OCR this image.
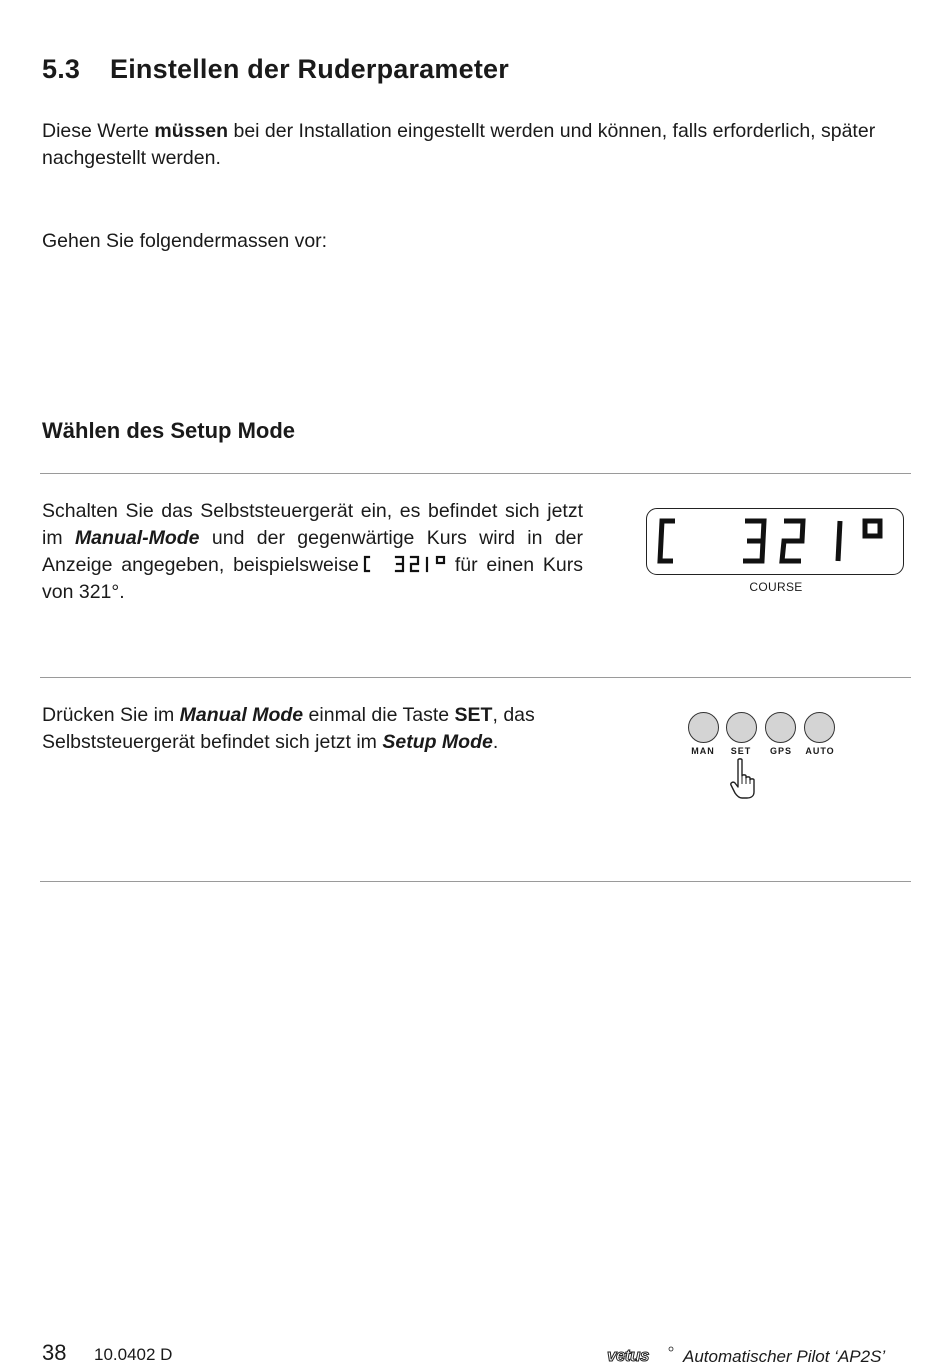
5.3 Einstellen der Ruderparameter

Diese Werte müssen bei der Installation eingestellt werden und können, falls erforderlich, später nachgestellt werden.

Gehen Sie folgendermassen vor:

Wählen des Setup Mode

Schalten Sie das Selbststeuergerät ein, es befindet sich jetzt im Manual-Mode und der gegenwärtige Kurs wird in der Anzeige angegeben, beispielsweise	C 321°	für einen Kurs von 321°.

C 321°
COURSE

Drücken Sie im Manual Mode einmal die Taste SET, das Selbststeuergerät befindet sich jetzt im Setup Mode.	MAN	SET	GPS	AUTO
38 10.0402 D	vetus Automatischer Pilot ‘AP2S’
